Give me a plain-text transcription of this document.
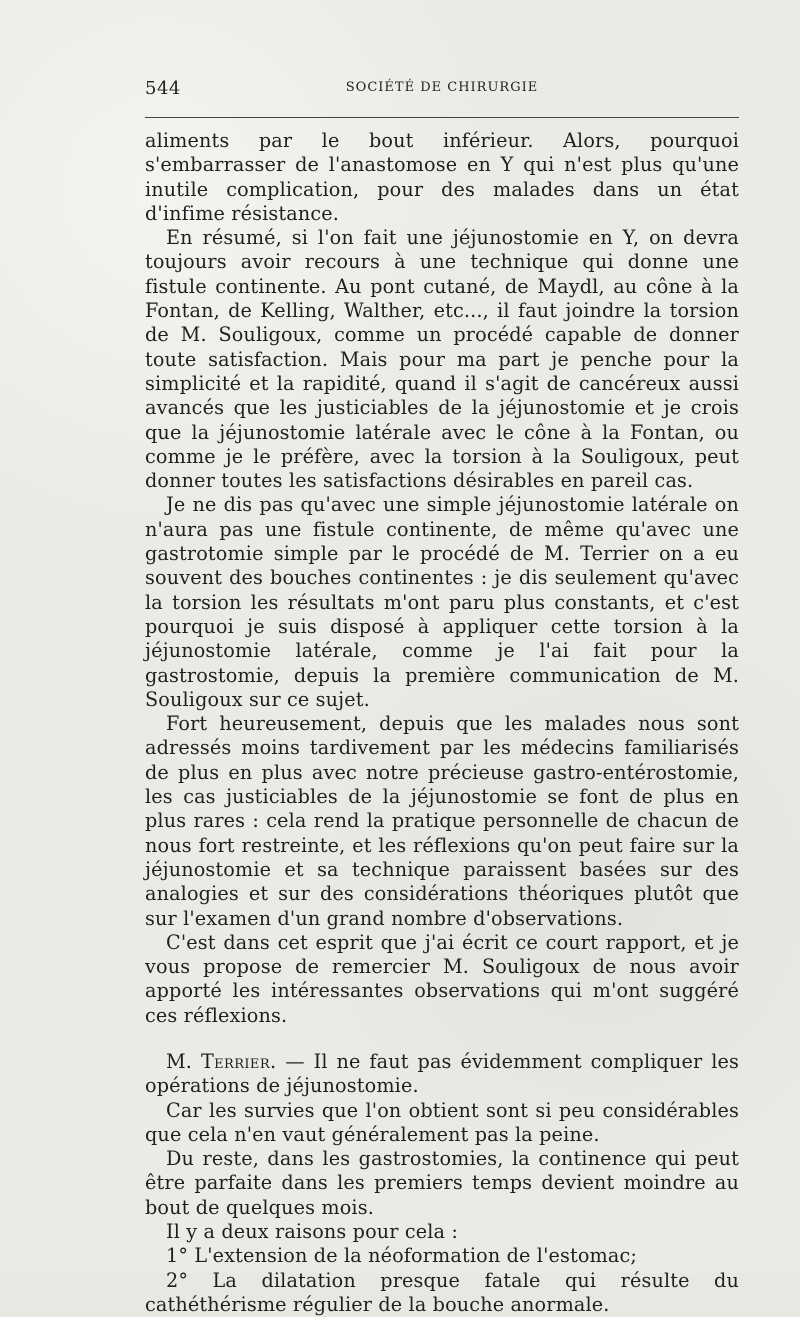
544	SOCIÉTÉ DE CHIRURGIE

aliments par le bout inférieur. Alors, pourquoi s'embarrasser de l'anastomose en Y qui n'est plus qu'une inutile complication, pour des malades dans un état d'infime résistance.

En résumé, si l'on fait une jéjunostomie en Y, on devra toujours avoir recours à une technique qui donne une fistule continente. Au pont cutané, de Maydl, au cône à la Fontan, de Kelling, Walther, etc..., il faut joindre la torsion de M. Souligoux, comme un procédé capable de donner toute satisfaction. Mais pour ma part je penche pour la simplicité et la rapidité, quand il s'agit de cancéreux aussi avancés que les justiciables de la jéjunostomie et je crois que la jéjunostomie latérale avec le cône à la Fontan, ou comme je le préfère, avec la torsion à la Souligoux, peut donner toutes les satisfactions désirables en pareil cas.

Je ne dis pas qu'avec une simple jéjunostomie latérale on n'aura pas une fistule continente, de même qu'avec une gastrotomie simple par le procédé de M. Terrier on a eu souvent des bouches continentes : je dis seulement qu'avec la torsion les résultats m'ont paru plus constants, et c'est pourquoi je suis disposé à appliquer cette torsion à la jéjunostomie latérale, comme je l'ai fait pour la gastrostomie, depuis la première communication de M. Souligoux sur ce sujet.

Fort heureusement, depuis que les malades nous sont adressés moins tardivement par les médecins familiarisés de plus en plus avec notre précieuse gastro-entérostomie, les cas justiciables de la jéjunostomie se font de plus en plus rares : cela rend la pratique personnelle de chacun de nous fort restreinte, et les réflexions qu'on peut faire sur la jéjunostomie et sa technique paraissent basées sur des analogies et sur des considérations théoriques plutôt que sur l'examen d'un grand nombre d'observations.

C'est dans cet esprit que j'ai écrit ce court rapport, et je vous propose de remercier M. Souligoux de nous avoir apporté les intéressantes observations qui m'ont suggéré ces réflexions.

M. Terrier. — Il ne faut pas évidemment compliquer les opérations de jéjunostomie.

Car les survies que l'on obtient sont si peu considérables que cela n'en vaut généralement pas la peine.

Du reste, dans les gastrostomies, la continence qui peut être parfaite dans les premiers temps devient moindre au bout de quelques mois.

Il y a deux raisons pour cela :

1° L'extension de la néoformation de l'estomac;

2° La dilatation presque fatale qui résulte du cathéthérisme régulier de la bouche anormale.
